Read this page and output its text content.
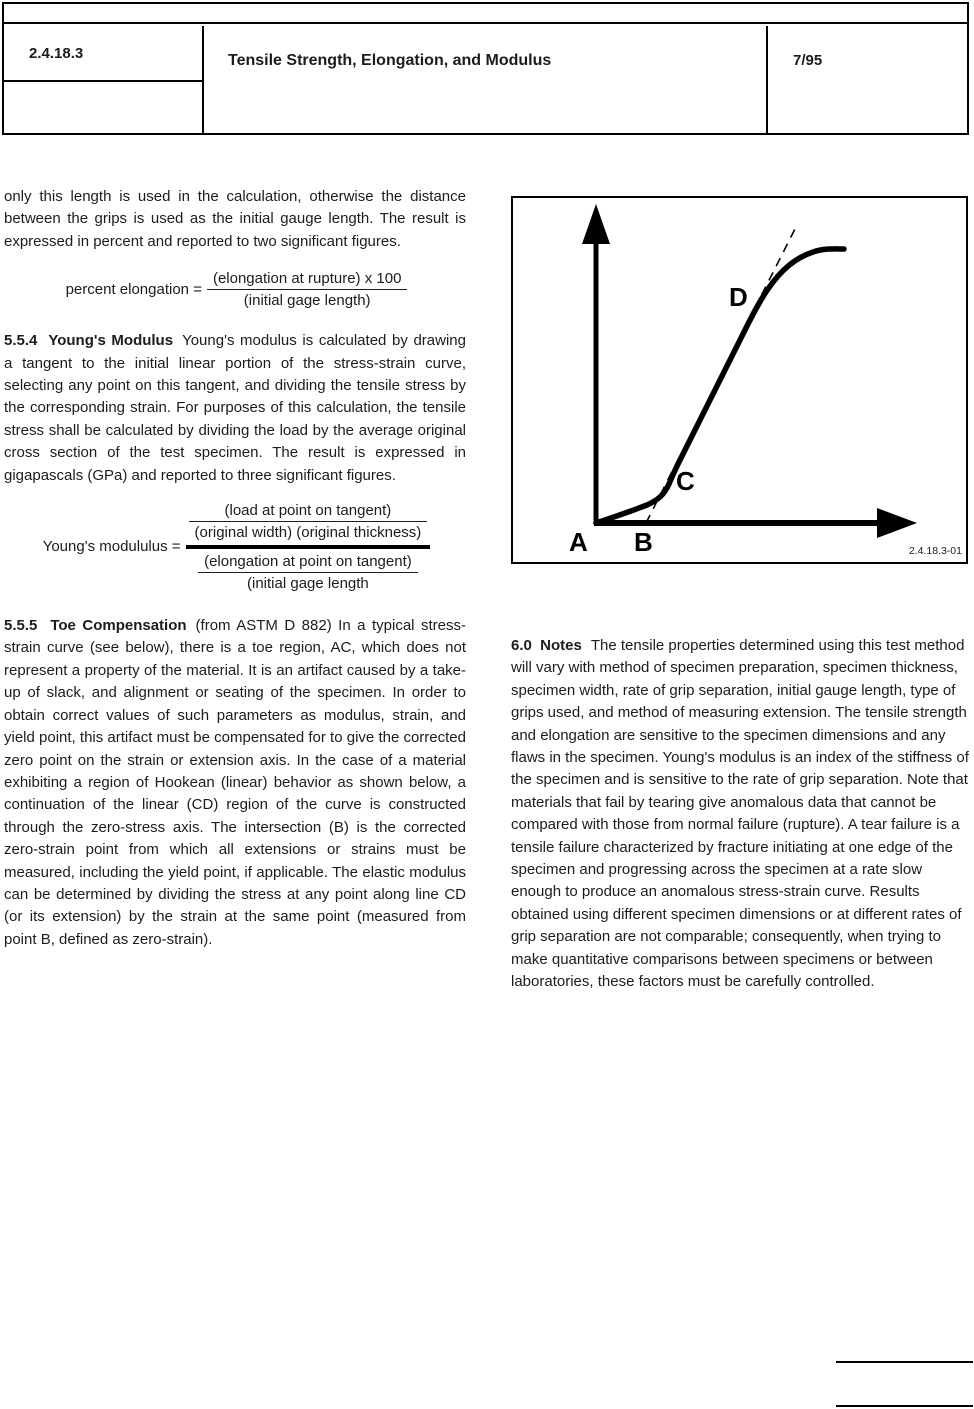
2.4.18.3	Tensile Strength, Elongation, and Modulus	7/95

only this length is used in the calculation, otherwise the distance between the grips is used as the initial gauge length. The result is expressed in percent and reported to two significant figures.

percent elongation = $\frac{\text{(elongation at rupture) x 100}}{\text{(initial gage length)}}$

5.5.4  Young's Modulus Young's modulus is calculated by drawing a tangent to the initial linear portion of the stress-strain curve, selecting any point on this tangent, and dividing the tensile stress by the corresponding strain. For purposes of this calculation, the tensile stress shall be calculated by dividing the load by the average original cross section of the test specimen. The result is expressed in gigapascals (GPa) and reported to three significant figures.

Young's modululus =
$\frac{\text{(load at point on tangent)}}{\text{(original width) (original thickness)}}$
$\frac{\text{(elongation at point on tangent)}}{\text{(initial gage length}}$

5.5.5  Toe Compensation (from ASTM D 882) In a typical stress-strain curve (see below), there is a toe region, AC, which does not represent a property of the material. It is an artifact caused by a take-up of slack, and alignment or seating of the specimen. In order to obtain correct values of such parameters as modulus, strain, and yield point, this artifact must be compensated for to give the corrected zero point on the strain or extension axis. In the case of a material exhibiting a region of Hookean (linear) behavior as shown below, a continuation of the linear (CD) region of the curve is constructed through the zero-stress axis. The intersection (B) is the corrected zero-strain point from which all extensions or strains must be measured, including the yield point, if applicable. The elastic modulus can be determined by dividing the stress at any point along line CD (or its extension) by the strain at the same point (measured from point B, defined as zero-strain).

A B
C
D
2.4.18.3-01

6.0  Notes The tensile properties determined using this test method will vary with method of specimen preparation, specimen thickness, specimen width, rate of grip separation, initial gauge length, type of grips used, and method of measuring extension. The tensile strength and elongation are sensitive to the specimen dimensions and any flaws in the specimen. Young's modulus is an index of the stiffness of the specimen and is sensitive to the rate of grip separation. Note that materials that fail by tearing give anomalous data that cannot be compared with those from normal failure (rupture). A tear failure is a tensile failure characterized by fracture initiating at one edge of the specimen and progressing across the specimen at a rate slow enough to produce an anomalous stress-strain curve. Results obtained using different specimen dimensions or at different rates of grip separation are not comparable; consequently, when trying to make quantitative comparisons between specimens or between laboratories, these factors must be carefully controlled.
